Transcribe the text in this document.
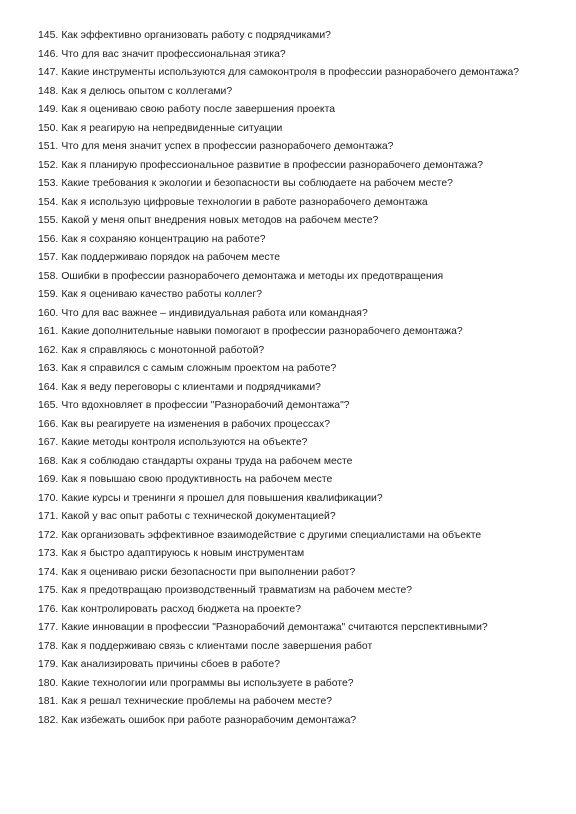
145. Как эффективно организовать работу с подрядчиками?
146. Что для вас значит профессиональная этика?
147. Какие инструменты используются для самоконтроля в профессии разнорабочего демонтажа?
148. Как я делюсь опытом с коллегами?
149. Как я оцениваю свою работу после завершения проекта
150. Как я реагирую на непредвиденные ситуации
151. Что для меня значит успех в профессии разнорабочего демонтажа?
152. Как я планирую профессиональное развитие в профессии разнорабочего демонтажа?
153. Какие требования к экологии и безопасности вы соблюдаете на рабочем месте?
154. Как я использую цифровые технологии в работе разнорабочего демонтажа
155. Какой у меня опыт внедрения новых методов на рабочем месте?
156. Как я сохраняю концентрацию на работе?
157. Как поддерживаю порядок на рабочем месте
158. Ошибки в профессии разнорабочего демонтажа и методы их предотвращения
159. Как я оцениваю качество работы коллег?
160. Что для вас важнее – индивидуальная работа или командная?
161. Какие дополнительные навыки помогают в профессии разнорабочего демонтажа?
162. Как я справляюсь с монотонной работой?
163. Как я справился с самым сложным проектом на работе?
164. Как я веду переговоры с клиентами и подрядчиками?
165. Что вдохновляет в профессии "Разнорабочий демонтажа"?
166. Как вы реагируете на изменения в рабочих процессах?
167. Какие методы контроля используются на объекте?
168. Как я соблюдаю стандарты охраны труда на рабочем месте
169. Как я повышаю свою продуктивность на рабочем месте
170. Какие курсы и тренинги я прошел для повышения квалификации?
171. Какой у вас опыт работы с технической документацией?
172. Как организовать эффективное взаимодействие с другими специалистами на объекте
173. Как я быстро адаптируюсь к новым инструментам
174. Как я оцениваю риски безопасности при выполнении работ?
175. Как я предотвращаю производственный травматизм на рабочем месте?
176. Как контролировать расход бюджета на проекте?
177. Какие инновации в профессии "Разнорабочий демонтажа" считаются перспективными?
178. Как я поддерживаю связь с клиентами после завершения работ
179. Как анализировать причины сбоев в работе?
180. Какие технологии или программы вы используете в работе?
181. Как я решал технические проблемы на рабочем месте?
182. Как избежать ошибок при работе разнорабочим демонтажа?
